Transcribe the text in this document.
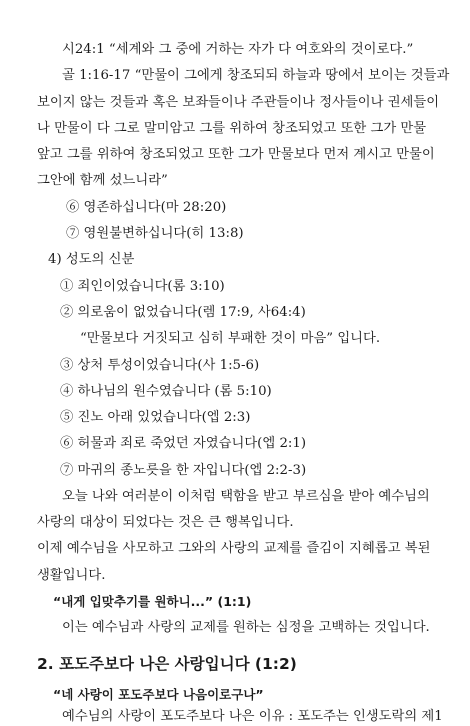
시24:1 “세계와 그 중에 거하는 자가 다 여호와의 것이로다.”
골 1:16-17 “만물이 그에게 창조되되 하늘과 땅에서 보이는 것들과
보이지 않는 것들과 혹은 보좌들이나 주관들이나 정사들이나 권세들이
나 만물이 다 그로 말미암고 그를 위하여 창조되었고 또한 그가 만물
앞고 그를 위하여 창조되었고 또한 그가 만물보다 먼저 계시고 만물이
그안에 함께 섰느니라”
⑥ 영존하십니다(마 28:20)
⑦ 영원불변하십니다(히 13:8)
4) 성도의 신분
① 죄인이었습니다(롬 3:10)
② 의로움이 없었습니다(렘 17:9, 사64:4)
“만물보다 거짓되고 심히 부패한 것이 마음” 입니다.
③ 상처 투성이었습니다(사 1:5-6)
④ 하나님의 원수였습니다 (롬 5:10)
⑤ 진노 아래 있었습니다(엡 2:3)
⑥ 허물과 죄로 죽었던 자였습니다(엡 2:1)
⑦ 마귀의 종노릇을 한 자입니다(엡 2:2-3)
오늘 나와 여러분이 이처럼 택함을 받고 부르심을 받아 예수님의
사랑의 대상이 되었다는 것은 큰 행복입니다.
이제 예수님을 사모하고 그와의 사랑의 교제를 즐김이 지혜롭고 복된
생활입니다.
“내게 입맞추기를 원하니...” (1:1)
이는 예수님과 사랑의 교제를 원하는 심정을 고백하는 것입니다.
2. 포도주보다 나은 사랑입니다 (1:2)
“네 사랑이 포도주보다 나음이로구나”
예수님의 사랑이 포도주보다 나은 이유 : 포도주는 인생도락의 제1
